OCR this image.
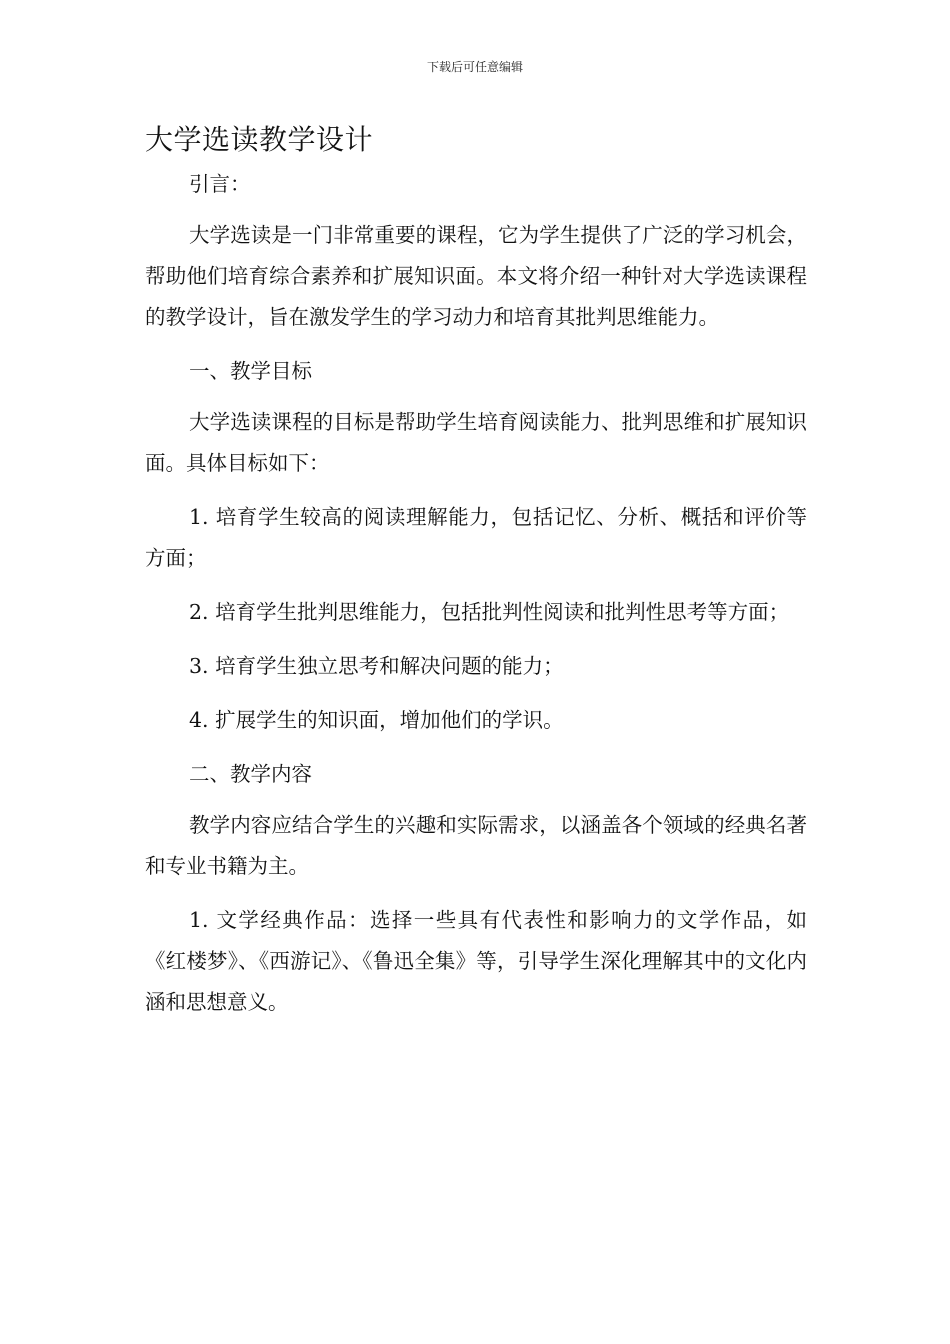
下载后可任意编辑
大学选读教学设计

引言：

大学选读是一门非常重要的课程，它为学生提供了广泛的学习机会，帮助他们培育综合素养和扩展知识面。本文将介绍一种针对大学选读课程的教学设计，旨在激发学生的学习动力和培育其批判思维能力。

一、教学目标

大学选读课程的目标是帮助学生培育阅读能力、批判思维和扩展知识面。具体目标如下：

1. 培育学生较高的阅读理解能力，包括记忆、分析、概括和评价等方面；

2. 培育学生批判思维能力，包括批判性阅读和批判性思考等方面；

3. 培育学生独立思考和解决问题的能力；

4. 扩展学生的知识面，增加他们的学识。

二、教学内容

教学内容应结合学生的兴趣和实际需求，以涵盖各个领域的经典名著和专业书籍为主。

1. 文学经典作品：选择一些具有代表性和影响力的文学作品，如《红楼梦》、《西游记》、《鲁迅全集》等，引导学生深化理解其中的文化内涵和思想意义。
